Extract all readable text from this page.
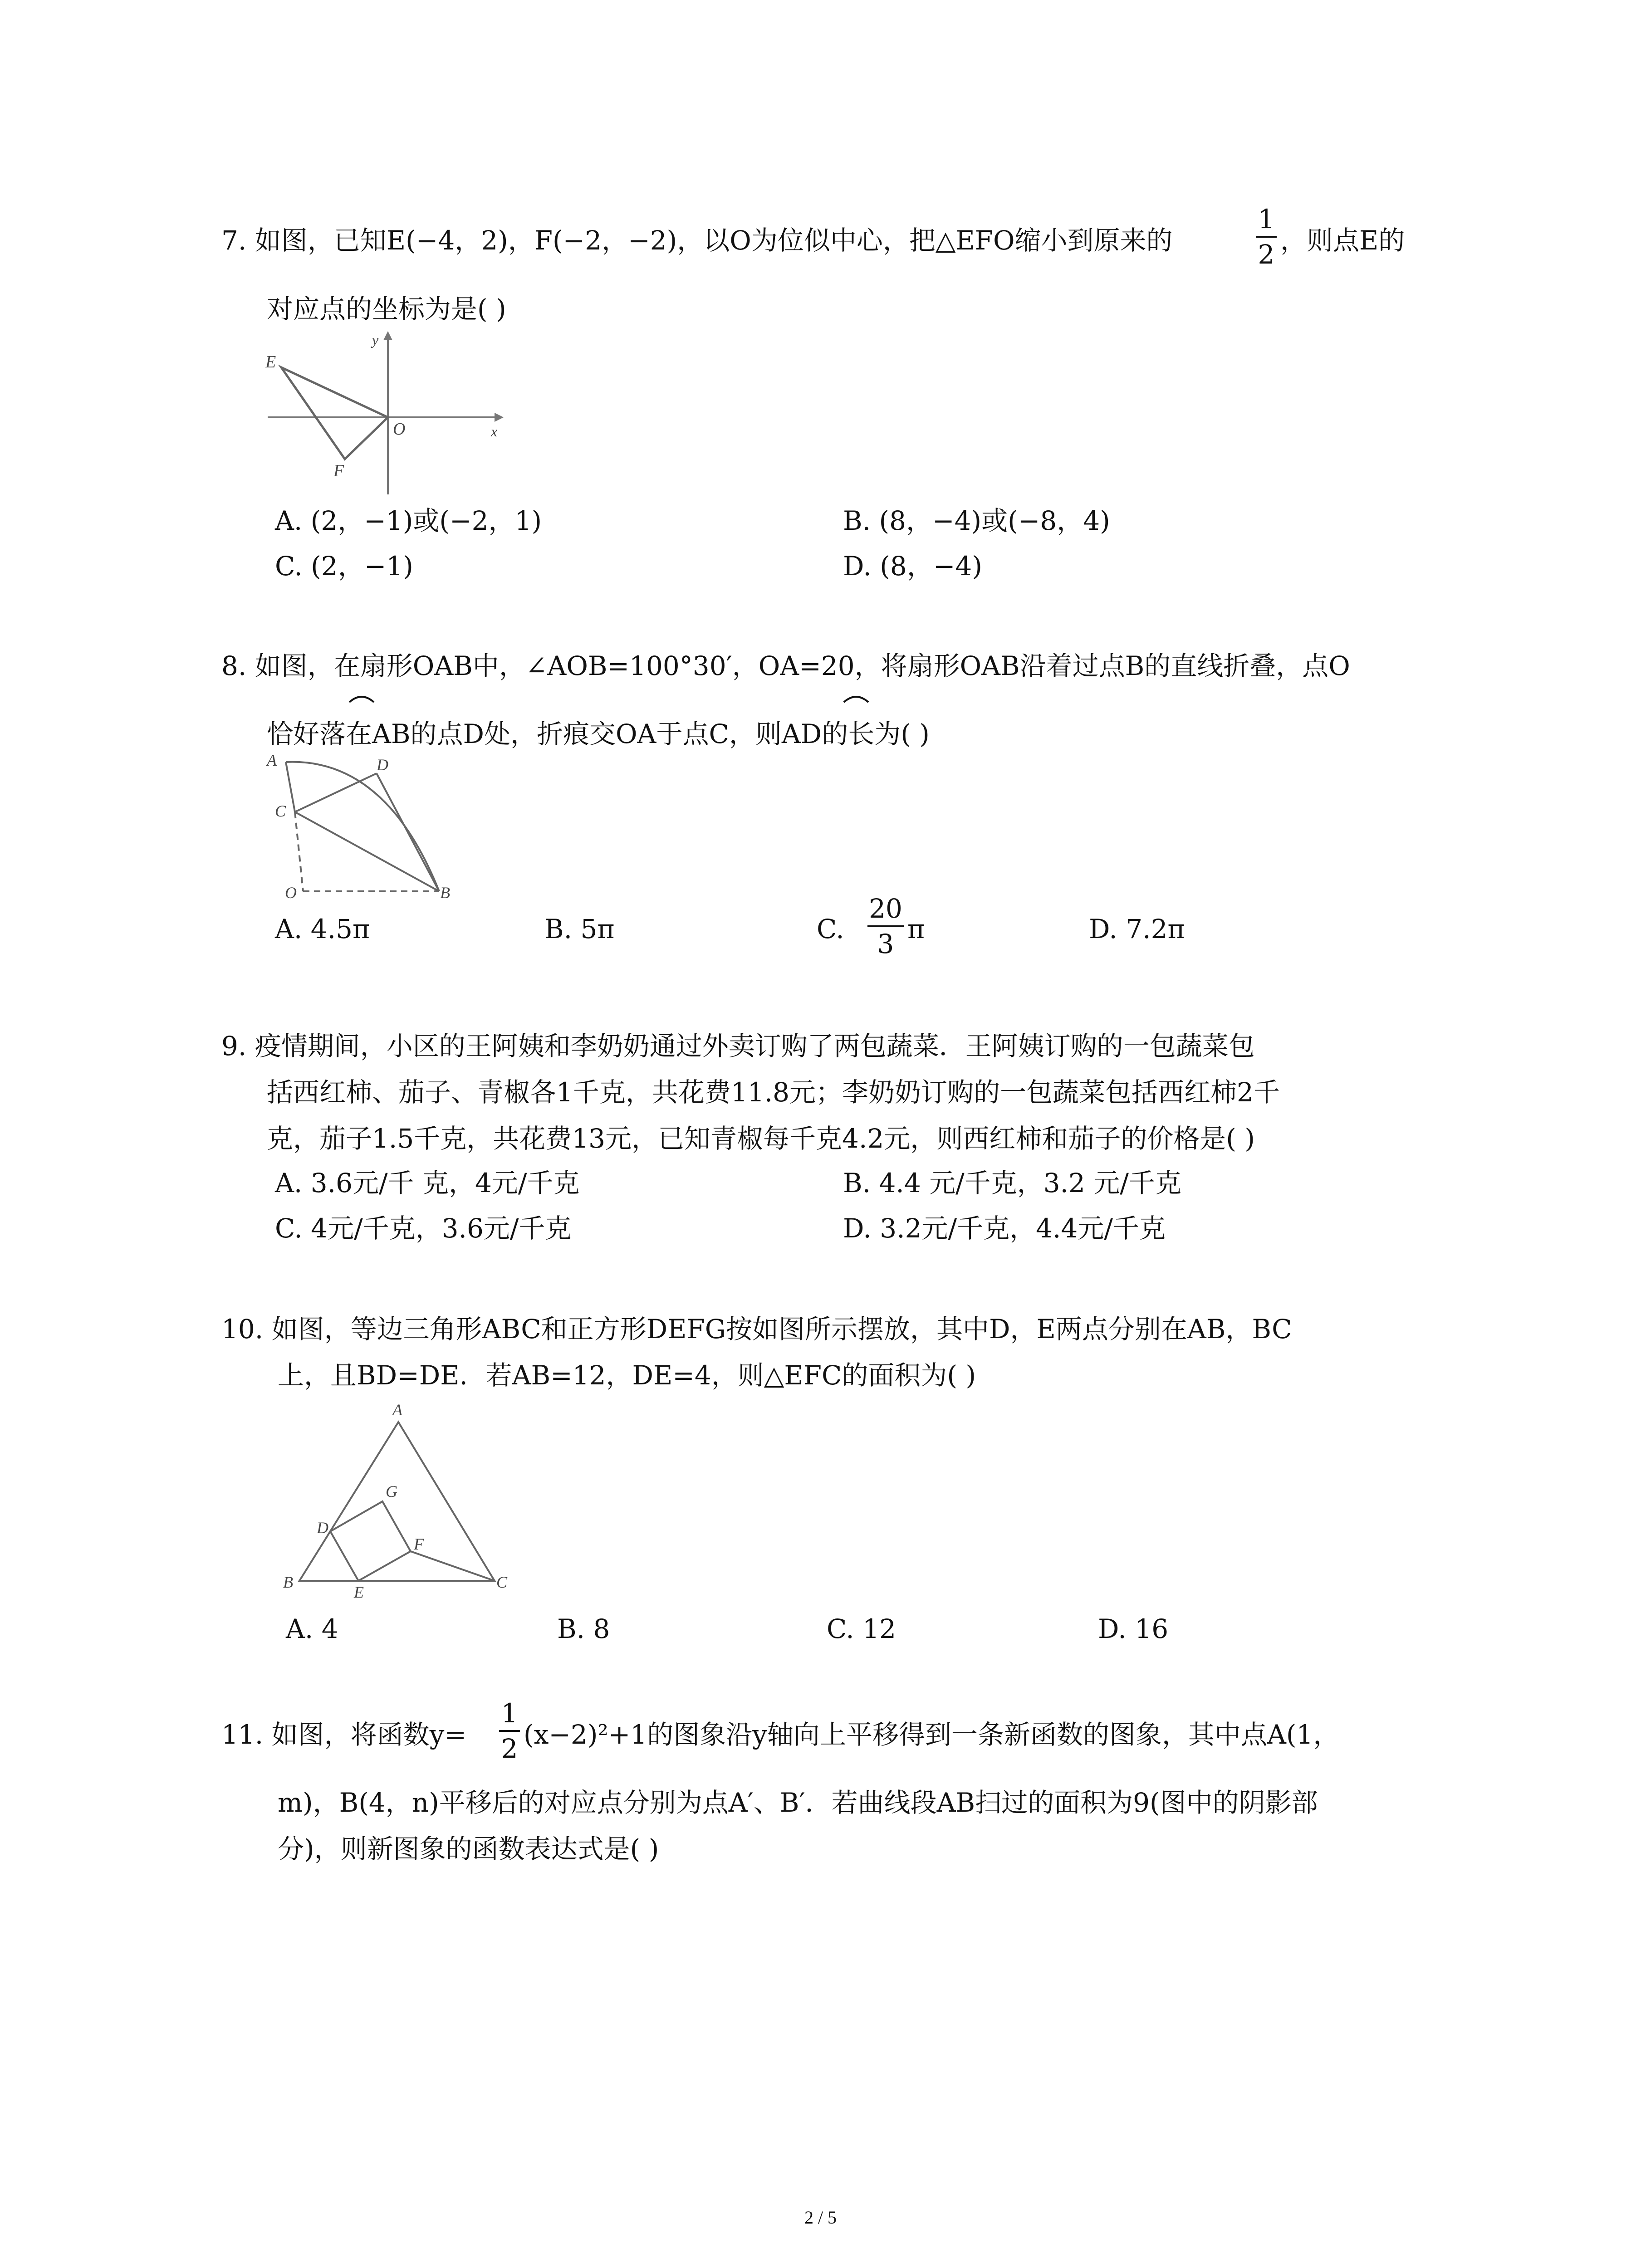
7. 如图，已知E(−4，2)，F(−2，−2)，以O为位似中心，把△EFO缩小到原来的
1
2 ，则点E的
对应点的坐标为是( )
E
F
O	x
y
A. (2，−1)或(−2，1)	B. (8，−4)或(−8，4)
C. (2，−1)	D. (8，−4)
8. 如图，在扇形OAB中，∠AOB=100°30′，OA=20，将扇形OAB沿着过点B的直线折叠，点O
恰好落在AB的点D处，折痕交OA于点C，则AD的长为( )
A	D
C
O	B
A. 4.5π	B. 5π	C.
20
3 π	D. 7.2π
9. 疫情期间，小区的王阿姨和李奶奶通过外卖订购了两包蔬菜．王阿姨订购的一包蔬菜包
括西红柿、茄子、青椒各1千克，共花费11.8元；李奶奶订购的一包蔬菜包括西红柿2千
克，茄子1.5千克，共花费13元，已知青椒每千克4.2元，则西红柿和茄子的价格是( )
A. 3.6元/千 克，4元/千克	B. 4.4 元/千克，3.2 元/千克
C. 4元/千克，3.6元/千克	D. 3.2元/千克，4.4元/千克
10. 如图，等边三角形ABC和正方形DEFG按如图所示摆放，其中D，E两点分别在AB，BC
上，且BD=DE．若AB=12，DE=4，则△EFC的面积为( )
A
G
D
F
B
E
C
A. 4	B. 8	C. 12	D. 16
11. 如图，将函数y=
1
2 (x−2)²+1的图象沿y轴向上平移得到一条新函数的图象，其中点A(1，
m)，B(4，n)平移后的对应点分别为点A′、B′．若曲线段AB扫过的面积为9(图中的阴影部
分)，则新图象的函数表达式是( )
2 / 5
